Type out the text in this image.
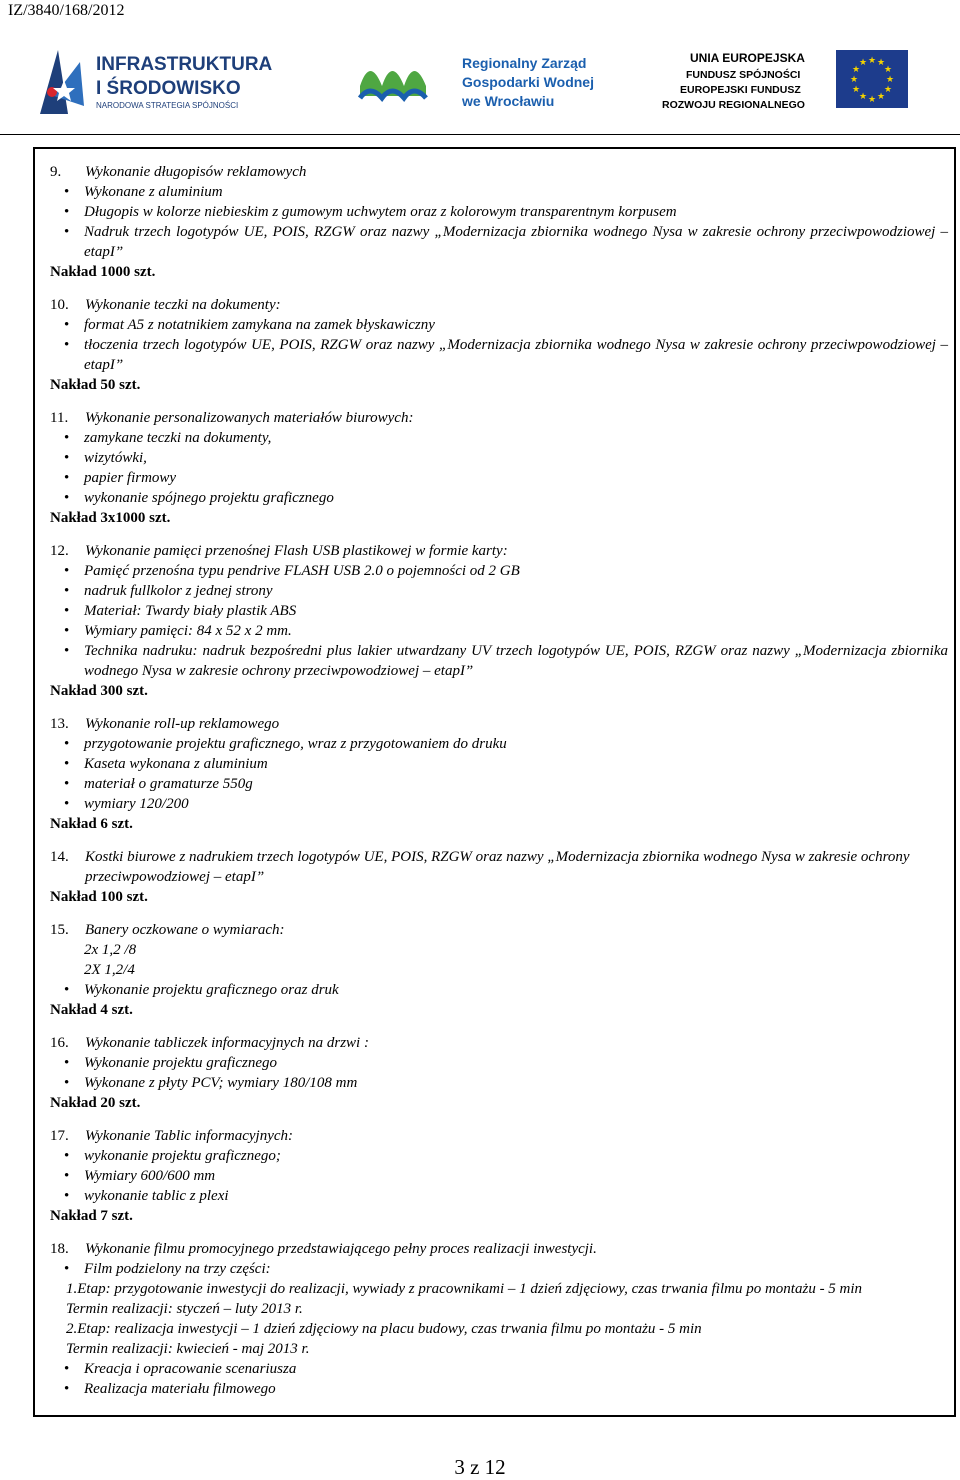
IZ/3840/168/2012
INFRASTRUKTURA
I ŚRODOWISKO
NARODOWA STRATEGIA SPÓJNOŚCI
Regionalny Zarząd
Gospodarki Wodnej
we Wrocławiu
UNIA EUROPEJSKA
FUNDUSZ SPÓJNOŚCI
EUROPEJSKI FUNDUSZ
ROZWOJU REGIONALNEGO
★ ★
★
★
★
★
★
★
★
★
★
★
9. Wykonanie długopisów reklamowych
• Wykonane z aluminium
• Długopis w kolorze niebieskim z gumowym uchwytem oraz z kolorowym transparentnym korpusem
• Nadruk trzech logotypów UE, POIS, RZGW oraz nazwy „Modernizacja zbiornika wodnego Nysa w zakresie ochrony przeciwpowodziowej – etapI”
Nakład 1000 szt.
10. Wykonanie teczki na dokumenty:
• format A5 z notatnikiem zamykana na zamek błyskawiczny
• tłoczenia trzech logotypów UE, POIS, RZGW oraz nazwy „Modernizacja zbiornika wodnego Nysa w zakresie ochrony przeciwpowodziowej – etapI”
Nakład 50 szt.
11. Wykonanie personalizowanych materiałów biurowych:
• zamykane teczki na dokumenty,
• wizytówki,
• papier firmowy
• wykonanie spójnego projektu graficznego
Nakład 3x1000 szt.
12. Wykonanie pamięci przenośnej Flash USB plastikowej w formie karty:
• Pamięć przenośna typu pendrive FLASH USB 2.0 o pojemności od 2 GB
• nadruk fullkolor z jednej strony
• Materiał: Twardy biały plastik ABS
• Wymiary pamięci: 84 x 52 x 2 mm.
• Technika nadruku: nadruk bezpośredni plus lakier utwardzany UV trzech logotypów UE, POIS, RZGW oraz nazwy „Modernizacja zbiornika wodnego Nysa w zakresie ochrony przeciwpowodziowej – etapI”
Nakład 300 szt.
13. Wykonanie roll-up reklamowego
• przygotowanie projektu graficznego, wraz z przygotowaniem do druku
• Kaseta wykonana z aluminium
• materiał o gramaturze 550g
• wymiary 120/200
Nakład 6 szt.
14. Kostki biurowe z nadrukiem trzech logotypów UE, POIS, RZGW oraz nazwy „Modernizacja zbiornika wodnego Nysa w zakresie ochrony przeciwpowodziowej – etapI”
Nakład 100 szt.
15. Banery oczkowane o wymiarach:
2x 1,2 /8
2X 1,2/4
• Wykonanie projektu graficznego oraz druk
Nakład 4 szt.
16. Wykonanie tabliczek informacyjnych na drzwi :
• Wykonanie projektu graficznego
• Wykonane z płyty PCV; wymiary 180/108 mm
Nakład 20 szt.
17. Wykonanie Tablic informacyjnych:
• wykonanie projektu graficznego;
• Wymiary 600/600 mm
• wykonanie tablic z plexi
Nakład 7 szt.
18. Wykonanie filmu promocyjnego przedstawiającego pełny proces realizacji inwestycji.
• Film podzielony na trzy części:
1.Etap: przygotowanie inwestycji do realizacji, wywiady z pracownikami – 1 dzień zdjęciowy, czas trwania filmu po montażu - 5 min
Termin realizacji: styczeń – luty 2013 r.
2.Etap: realizacja inwestycji – 1 dzień zdjęciowy na placu budowy, czas trwania filmu po montażu - 5 min
Termin realizacji: kwiecień - maj 2013 r.
• Kreacja i opracowanie scenariusza
• Realizacja materiału filmowego
3 z 12
